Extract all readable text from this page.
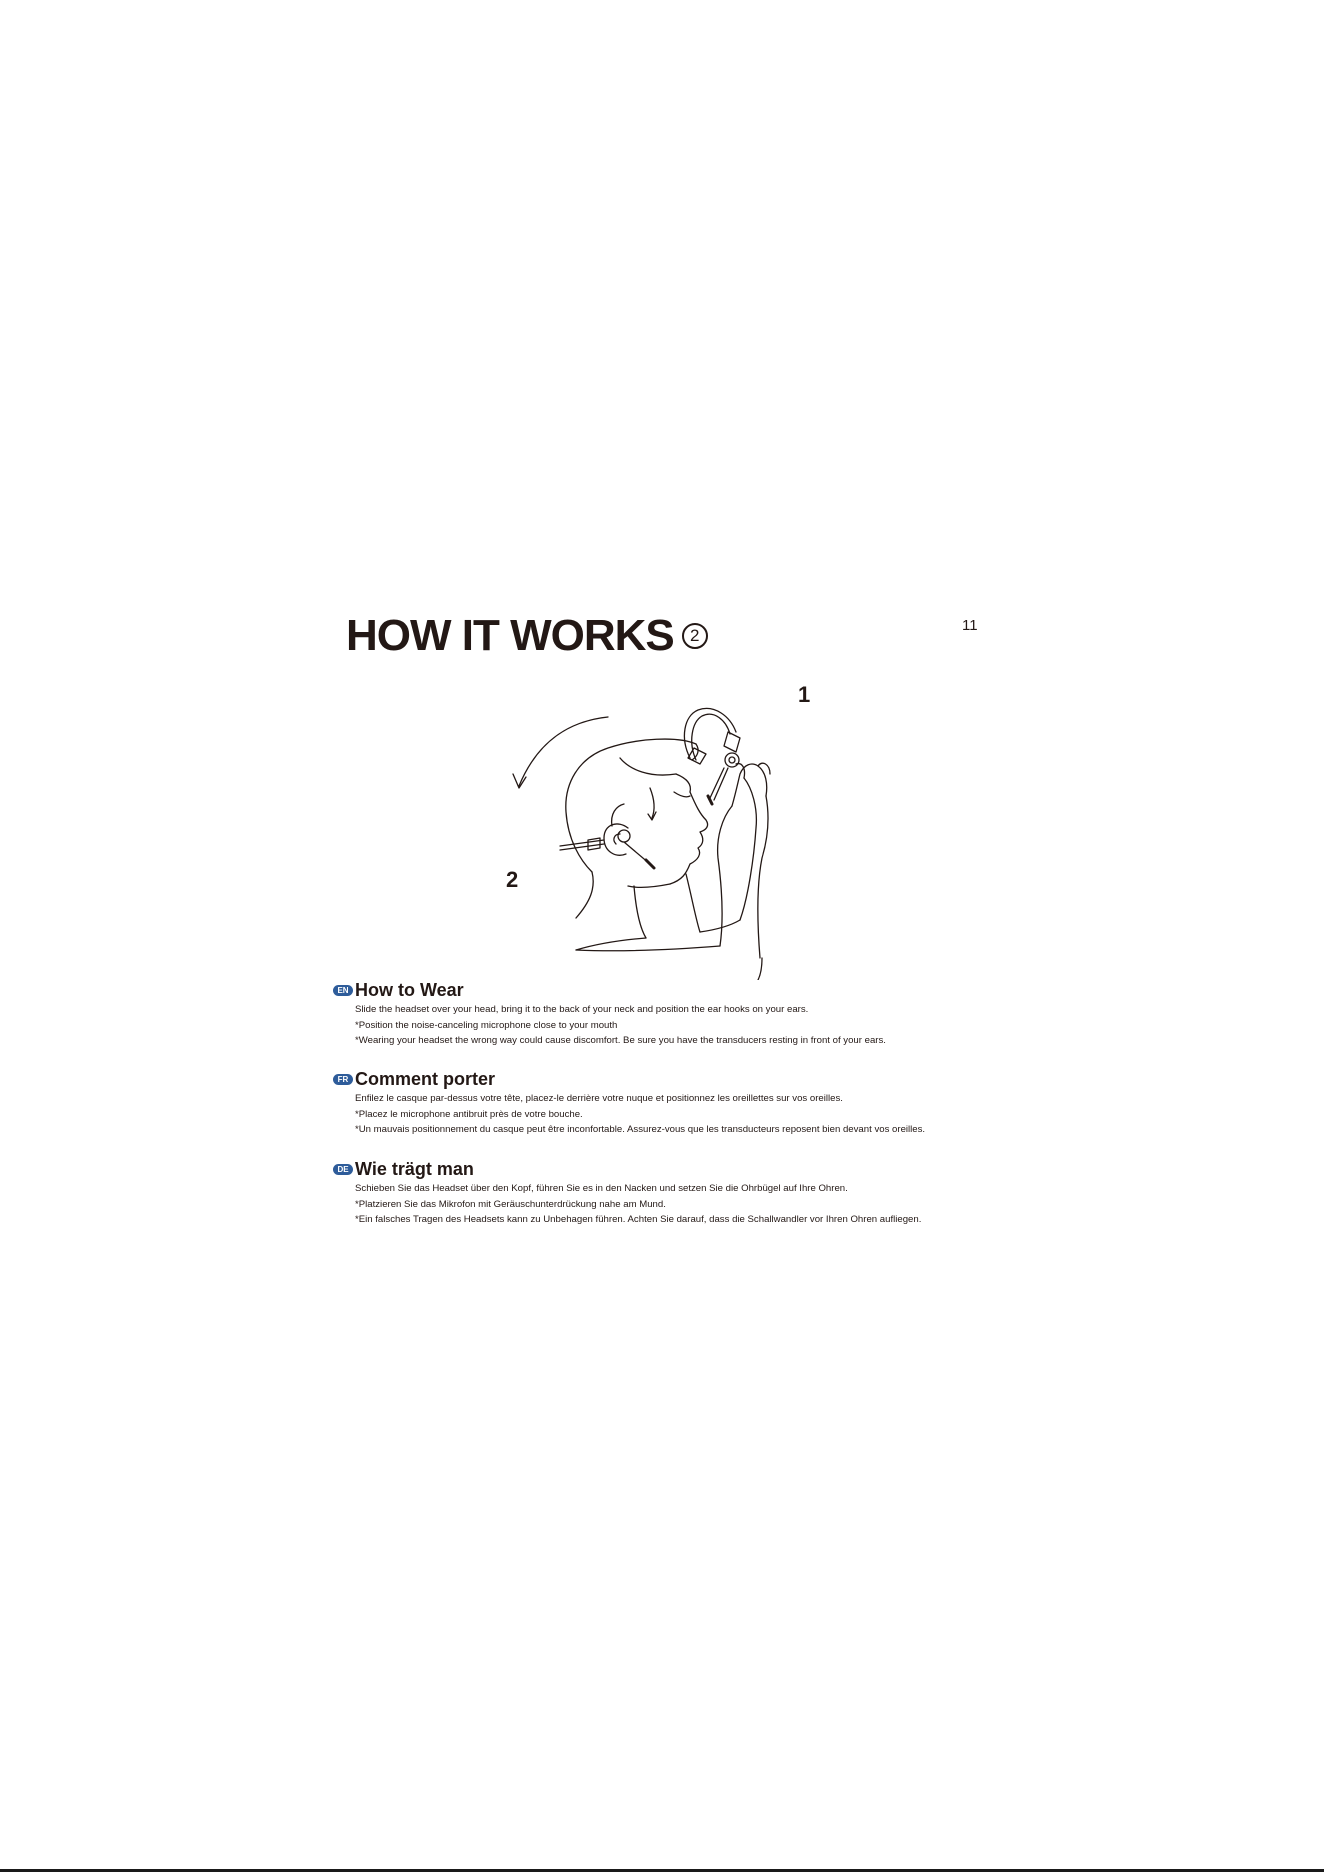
11
HOW IT WORKS 2
1
2
EN How to Wear

Slide the headset over your head, bring it to the back of your neck and position the ear hooks on your ears.

*Position the noise-canceling microphone close to your mouth

*Wearing your headset the wrong way could cause discomfort. Be sure you have the transducers resting in front of your ears.

FR Comment porter

Enfilez le casque par-dessus votre tête, placez-le derrière votre nuque et positionnez les oreillettes sur vos oreilles.

*Placez le microphone antibruit près de votre bouche.

*Un mauvais positionnement du casque peut être inconfortable. Assurez-vous que les transducteurs reposent bien devant vos oreilles.

DE Wie trägt man

Schieben Sie das Headset über den Kopf, führen Sie es in den Nacken und setzen Sie die Ohrbügel auf Ihre Ohren.

*Platzieren Sie das Mikrofon mit Geräuschunterdrückung nahe am Mund.

*Ein falsches Tragen des Headsets kann zu Unbehagen führen. Achten Sie darauf, dass die Schallwandler vor Ihren Ohren aufliegen.
